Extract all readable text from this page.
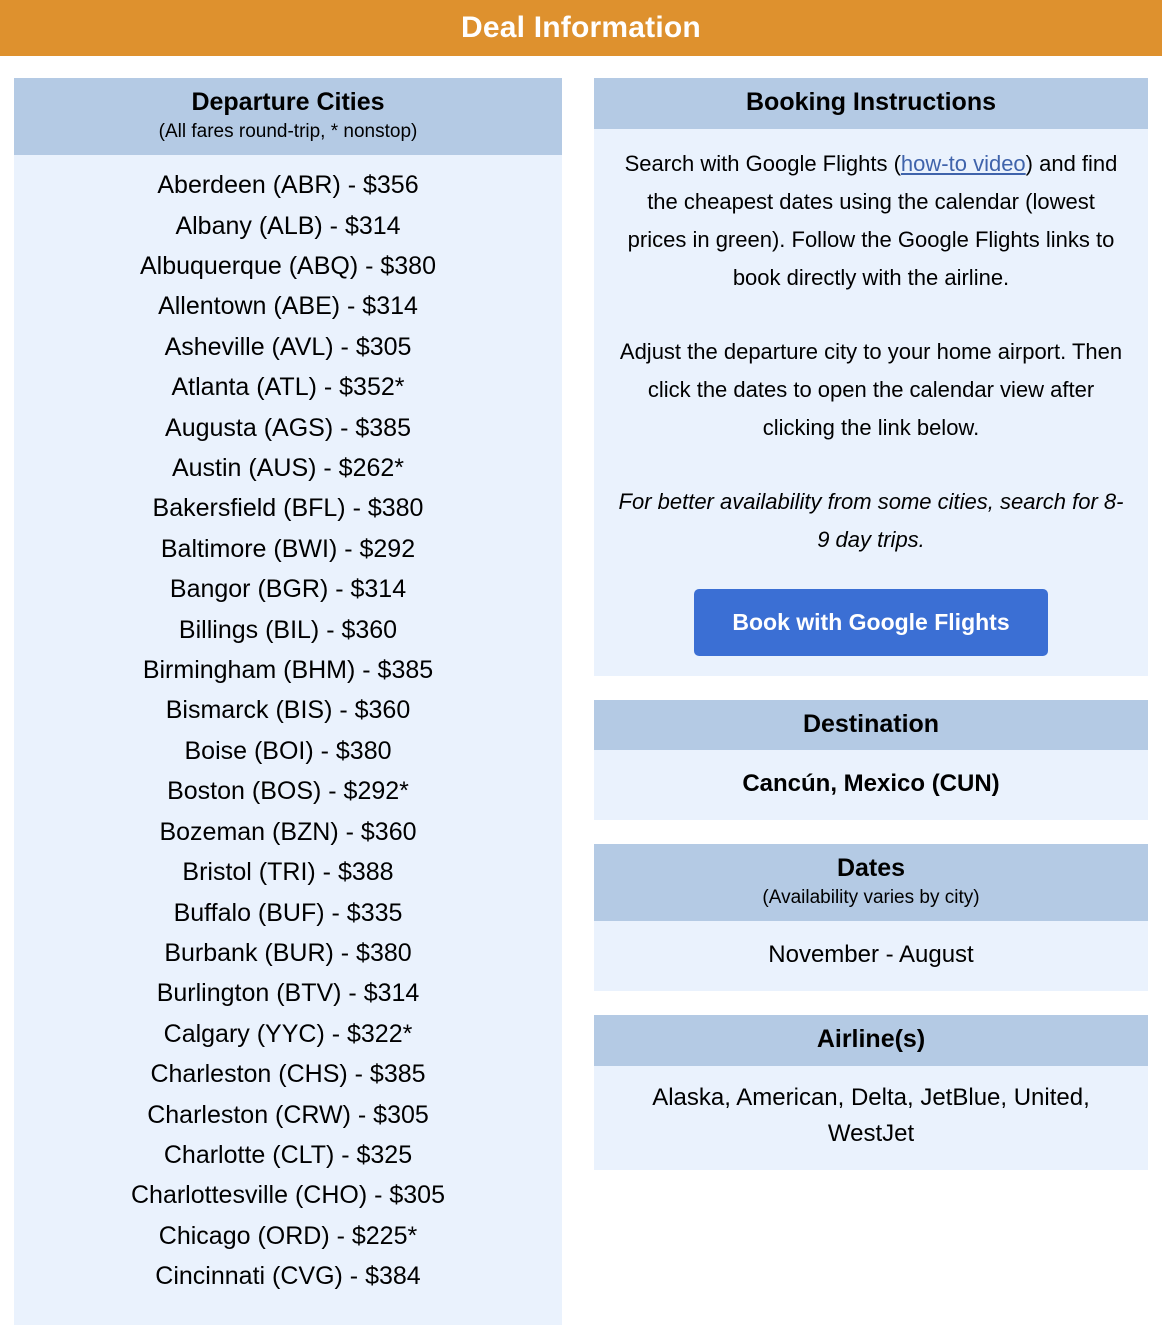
Deal Information
Departure Cities
(All fares round-trip, * nonstop)
Aberdeen (ABR) - $356
Albany (ALB) - $314
Albuquerque (ABQ) - $380
Allentown (ABE) - $314
Asheville (AVL) - $305
Atlanta (ATL) - $352*
Augusta (AGS) - $385
Austin (AUS) - $262*
Bakersfield (BFL) - $380
Baltimore (BWI) - $292
Bangor (BGR) - $314
Billings (BIL) - $360
Birmingham (BHM) - $385
Bismarck (BIS) - $360
Boise (BOI) - $380
Boston (BOS) - $292*
Bozeman (BZN) - $360
Bristol (TRI) - $388
Buffalo (BUF) - $335
Burbank (BUR) - $380
Burlington (BTV) - $314
Calgary (YYC) - $322*
Charleston (CHS) - $385
Charleston (CRW) - $305
Charlotte (CLT) - $325
Charlottesville (CHO) - $305
Chicago (ORD) - $225*
Cincinnati (CVG) - $384
Booking Instructions

Search with Google Flights (how-to video) and find the cheapest dates using the calendar (lowest prices in green). Follow the Google Flights links to book directly with the airline.

Adjust the departure city to your home airport. Then click the dates to open the calendar view after clicking the link below.

For better availability from some cities, search for 8-9 day trips.

Book with Google Flights
Destination
Cancún, Mexico (CUN)
Dates
(Availability varies by city)
November - August
Airline(s)
Alaska, American, Delta, JetBlue, United, WestJet
